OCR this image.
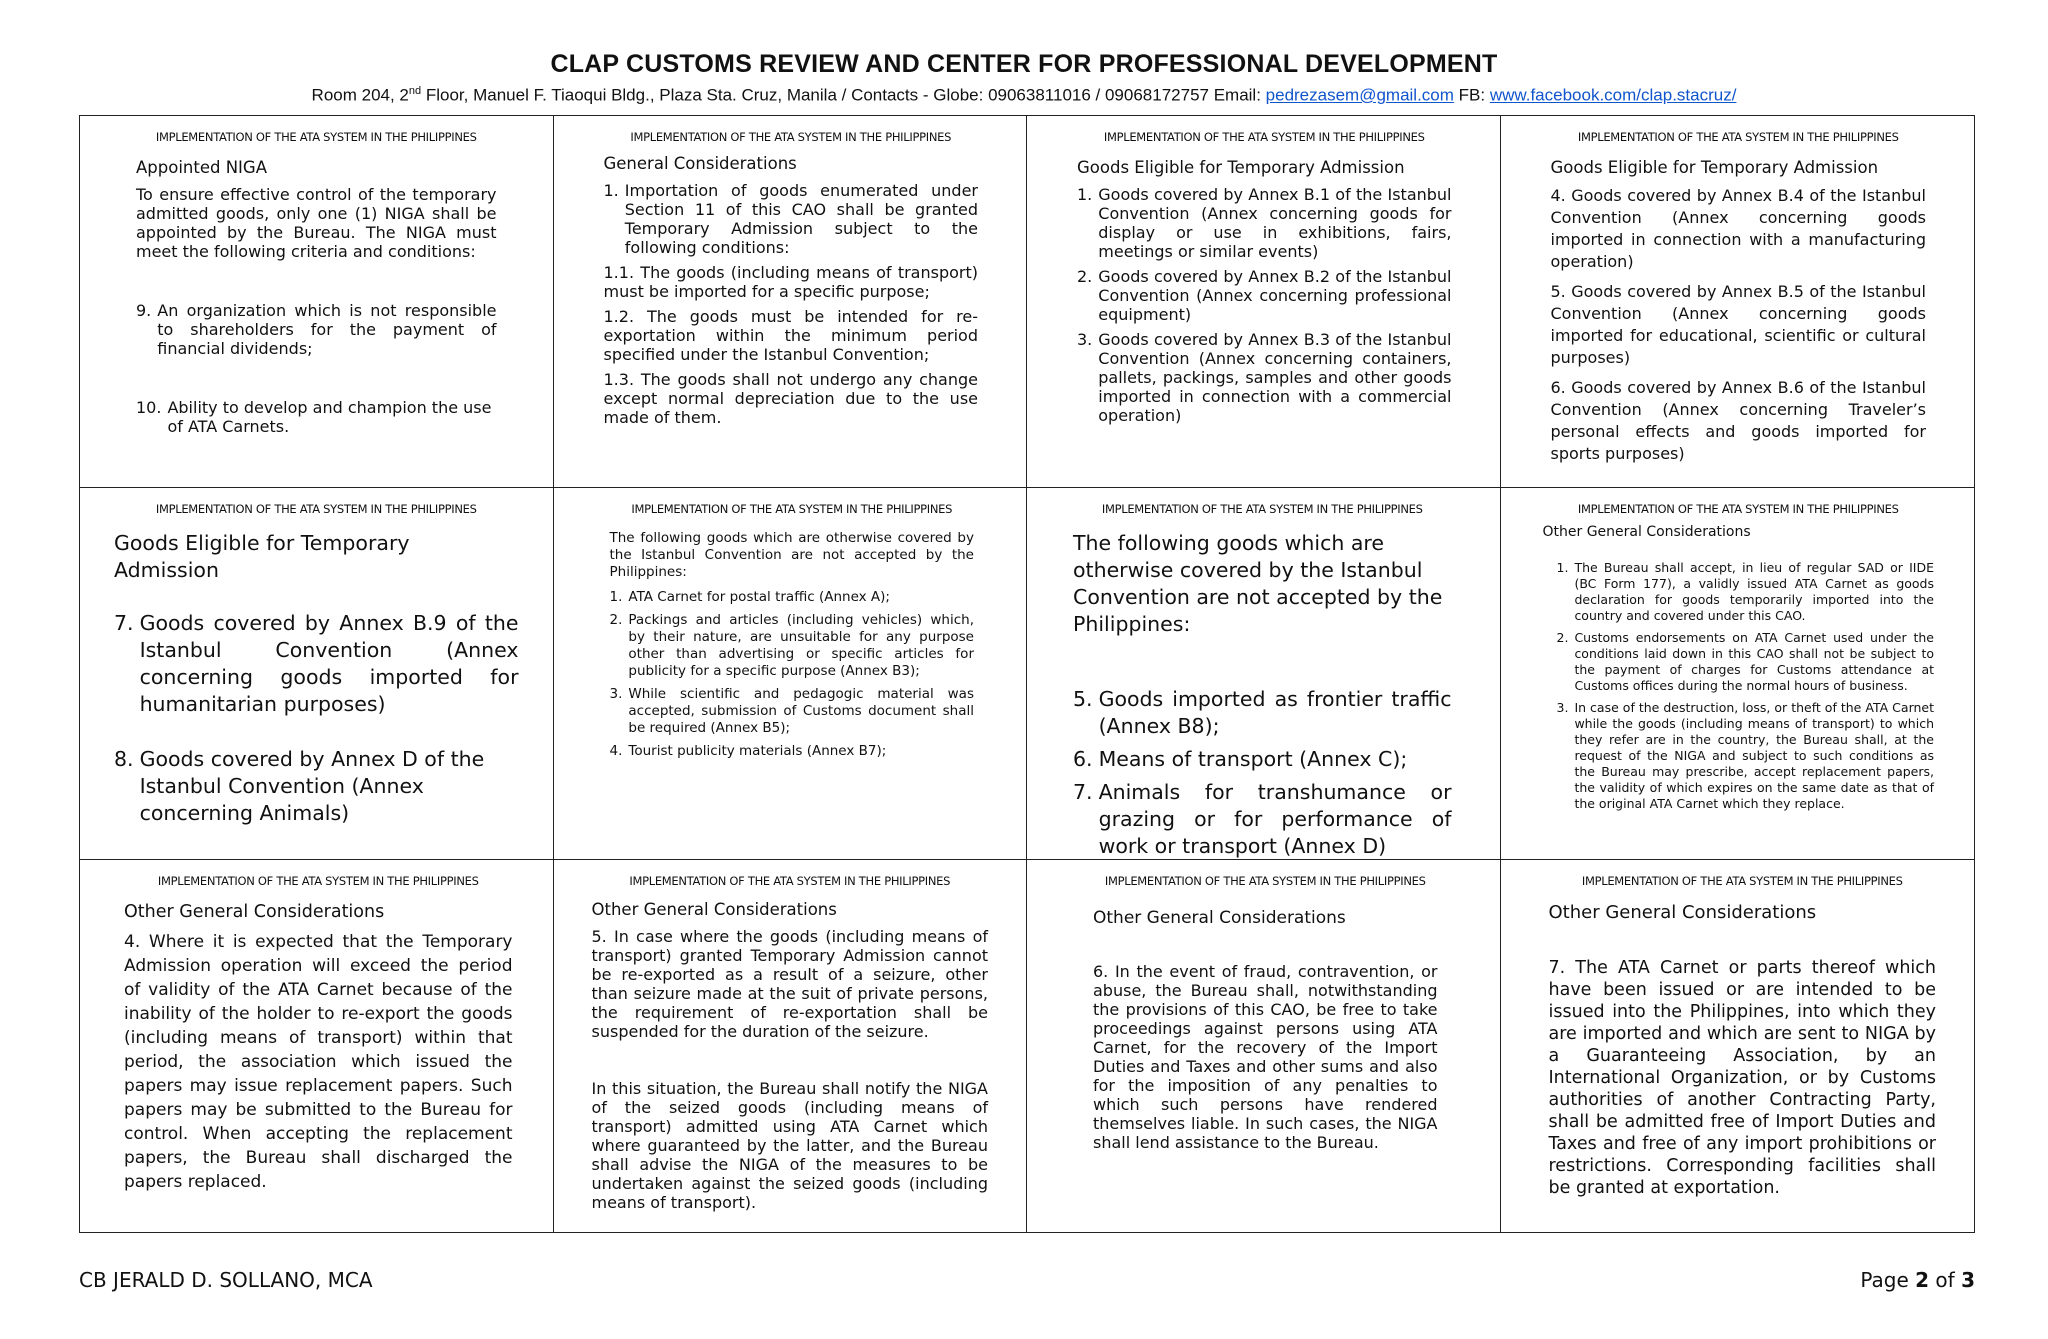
CLAP CUSTOMS REVIEW AND CENTER FOR PROFESSIONAL DEVELOPMENT
Room 204, 2nd Floor, Manuel F. Tiaoqui Bldg., Plaza Sta. Cruz, Manila / Contacts - Globe: 09063811016 / 09068172757 Email: pedrezasem@gmail.com FB: www.facebook.com/clap.stacruz/
IMPLEMENTATION OF THE ATA SYSTEM IN THE PHILIPPINES
Appointed NIGA
To ensure effective control of the temporary admitted goods, only one (1) NIGA shall be appointed by the Bureau. The NIGA must meet the following criteria and conditions:
9. An organization which is not responsible to shareholders for the payment of financial dividends;
10. Ability to develop and champion the use of ATA Carnets.
IMPLEMENTATION OF THE ATA SYSTEM IN THE PHILIPPINES
General Considerations
1. Importation of goods enumerated under Section 11 of this CAO shall be granted Temporary Admission subject to the following conditions:
1.1. The goods (including means of transport) must be imported for a specific purpose;
1.2. The goods must be intended for re-exportation within the minimum period specified under the Istanbul Convention;
1.3. The goods shall not undergo any change except normal depreciation due to the use made of them.
IMPLEMENTATION OF THE ATA SYSTEM IN THE PHILIPPINES
Goods Eligible for Temporary Admission
1. Goods covered by Annex B.1 of the Istanbul Convention (Annex concerning goods for display or use in exhibitions, fairs, meetings or similar events)
2. Goods covered by Annex B.2 of the Istanbul Convention (Annex concerning professional equipment)
3. Goods covered by Annex B.3 of the Istanbul Convention (Annex concerning containers, pallets, packings, samples and other goods imported in connection with a commercial operation)
IMPLEMENTATION OF THE ATA SYSTEM IN THE PHILIPPINES
Goods Eligible for Temporary Admission
4. Goods covered by Annex B.4 of the Istanbul Convention (Annex concerning goods imported in connection with a manufacturing operation)
5. Goods covered by Annex B.5 of the Istanbul Convention (Annex concerning goods imported for educational, scientific or cultural purposes)
6. Goods covered by Annex B.6 of the Istanbul Convention (Annex concerning Traveler’s personal effects and goods imported for sports purposes)
IMPLEMENTATION OF THE ATA SYSTEM IN THE PHILIPPINES
Goods Eligible for Temporary Admission
7. Goods covered by Annex B.9 of the Istanbul Convention (Annex concerning goods imported for humanitarian purposes)
8. Goods covered by Annex D of the Istanbul Convention (Annex concerning Animals)
IMPLEMENTATION OF THE ATA SYSTEM IN THE PHILIPPINES
The following goods which are otherwise covered by the Istanbul Convention are not accepted by the Philippines:
1. ATA Carnet for postal traffic (Annex A);
2. Packings and articles (including vehicles) which, by their nature, are unsuitable for any purpose other than advertising or specific articles for publicity for a specific purpose (Annex B3);
3. While scientific and pedagogic material was accepted, submission of Customs document shall be required (Annex B5);
4. Tourist publicity materials (Annex B7);
IMPLEMENTATION OF THE ATA SYSTEM IN THE PHILIPPINES
The following goods which are otherwise covered by the Istanbul Convention are not accepted by the Philippines:
5. Goods imported as frontier traffic (Annex B8);
6. Means of transport (Annex C);
7. Animals for transhumance or grazing or for performance of work or transport (Annex D)
IMPLEMENTATION OF THE ATA SYSTEM IN THE PHILIPPINES
Other General Considerations
1. The Bureau shall accept, in lieu of regular SAD or IIDE (BC Form 177), a validly issued ATA Carnet as goods declaration for goods temporarily imported into the country and covered under this CAO.
2. Customs endorsements on ATA Carnet used under the conditions laid down in this CAO shall not be subject to the payment of charges for Customs attendance at Customs offices during the normal hours of business.
3. In case of the destruction, loss, or theft of the ATA Carnet while the goods (including means of transport) to which they refer are in the country, the Bureau shall, at the request of the NIGA and subject to such conditions as the Bureau may prescribe, accept replacement papers, the validity of which expires on the same date as that of the original ATA Carnet which they replace.
IMPLEMENTATION OF THE ATA SYSTEM IN THE PHILIPPINES
Other General Considerations
4. Where it is expected that the Temporary Admission operation will exceed the period of validity of the ATA Carnet because of the inability of the holder to re-export the goods (including means of transport) within that period, the association which issued the papers may issue replacement papers. Such papers may be submitted to the Bureau for control. When accepting the replacement papers, the Bureau shall discharged the papers replaced.
IMPLEMENTATION OF THE ATA SYSTEM IN THE PHILIPPINES
Other General Considerations
5. In case where the goods (including means of transport) granted Temporary Admission cannot be re-exported as a result of a seizure, other than seizure made at the suit of private persons, the requirement of re-exportation shall be suspended for the duration of the seizure.
In this situation, the Bureau shall notify the NIGA of the seized goods (including means of transport) admitted using ATA Carnet which where guaranteed by the latter, and the Bureau shall advise the NIGA of the measures to be undertaken against the seized goods (including means of transport).
IMPLEMENTATION OF THE ATA SYSTEM IN THE PHILIPPINES
Other General Considerations
6. In the event of fraud, contravention, or abuse, the Bureau shall, notwithstanding the provisions of this CAO, be free to take proceedings against persons using ATA Carnet, for the recovery of the Import Duties and Taxes and other sums and also for the imposition of any penalties to which such persons have rendered themselves liable. In such cases, the NIGA shall lend assistance to the Bureau.
IMPLEMENTATION OF THE ATA SYSTEM IN THE PHILIPPINES
Other General Considerations
7. The ATA Carnet or parts thereof which have been issued or are intended to be issued into the Philippines, into which they are imported and which are sent to NIGA by a Guaranteeing Association, by an International Organization, or by Customs authorities of another Contracting Party, shall be admitted free of Import Duties and Taxes and free of any import prohibitions or restrictions. Corresponding facilities shall be granted at exportation.
CB JERALD D. SOLLANO, MCA	Page 2 of 3
